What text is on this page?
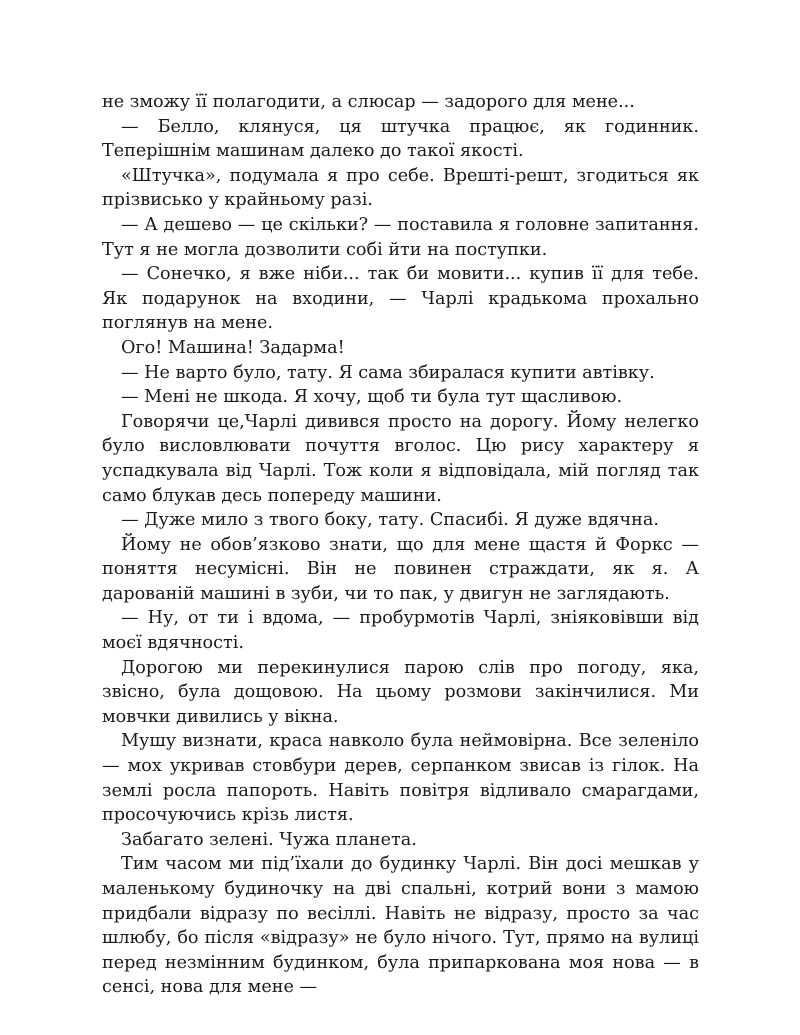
не зможу її полагодити, а слюсар — задорого для мене...

— Белло, клянуся, ця штучка працює, як годинник. Теперішнім машинам далеко до такої якості.

«Штучка», подумала я про себе. Врешті-решт, згодиться як прізвисько у крайньому разі.

— А дешево — це скільки? — поставила я головне запитання. Тут я не могла дозволити собі йти на поступки.

— Сонечко, я вже ніби... так би мовити... купив її для тебе. Як подарунок на входини, — Чарлі крадькома прохально поглянув на мене.

Ого! Машина! Задарма!

— Не варто було, тату. Я сама збиралася купити автівку.

— Мені не шкода. Я хочу, щоб ти була тут щасливою.

Говорячи це,Чарлі дивився просто на дорогу. Йому нелегко було висловлювати почуття вголос. Цю рису характеру я успадкувала від Чарлі. Тож коли я відповідала, мій погляд так само блукав десь попереду машини.

— Дуже мило з твого боку, тату. Спасибі. Я дуже вдячна.

Йому не обов’язково знати, що для мене щастя й Форкс — поняття несумісні. Він не повинен страждати, як я. А дарованій машині в зуби, чи то пак, у двигун не заглядають.

— Ну, от ти і вдома, — пробурмотів Чарлі, зніяковівши від моєї вдячності.

Дорогою ми перекинулися парою слів про погоду, яка, звісно, була дощовою. На цьому розмови закінчилися. Ми мовчки дивились у вікна.

Мушу визнати, краса навколо була неймовірна. Все зеленіло — мох укривав стовбури дерев, серпанком звисав із гілок. На землі росла папороть. Навіть повітря відливало смарагдами, просочуючись крізь листя.

Забагато зелені. Чужа планета.

Тим часом ми під’їхали до будинку Чарлі. Він досі мешкав у маленькому будиночку на дві спальні, котрий вони з мамою придбали відразу по весіллі. Навіть не відразу, просто за час шлюбу, бо після «відразу» не було нічого. Тут, прямо на вулиці перед незмінним будинком, була припаркована моя нова — в сенсі, нова для мене —
